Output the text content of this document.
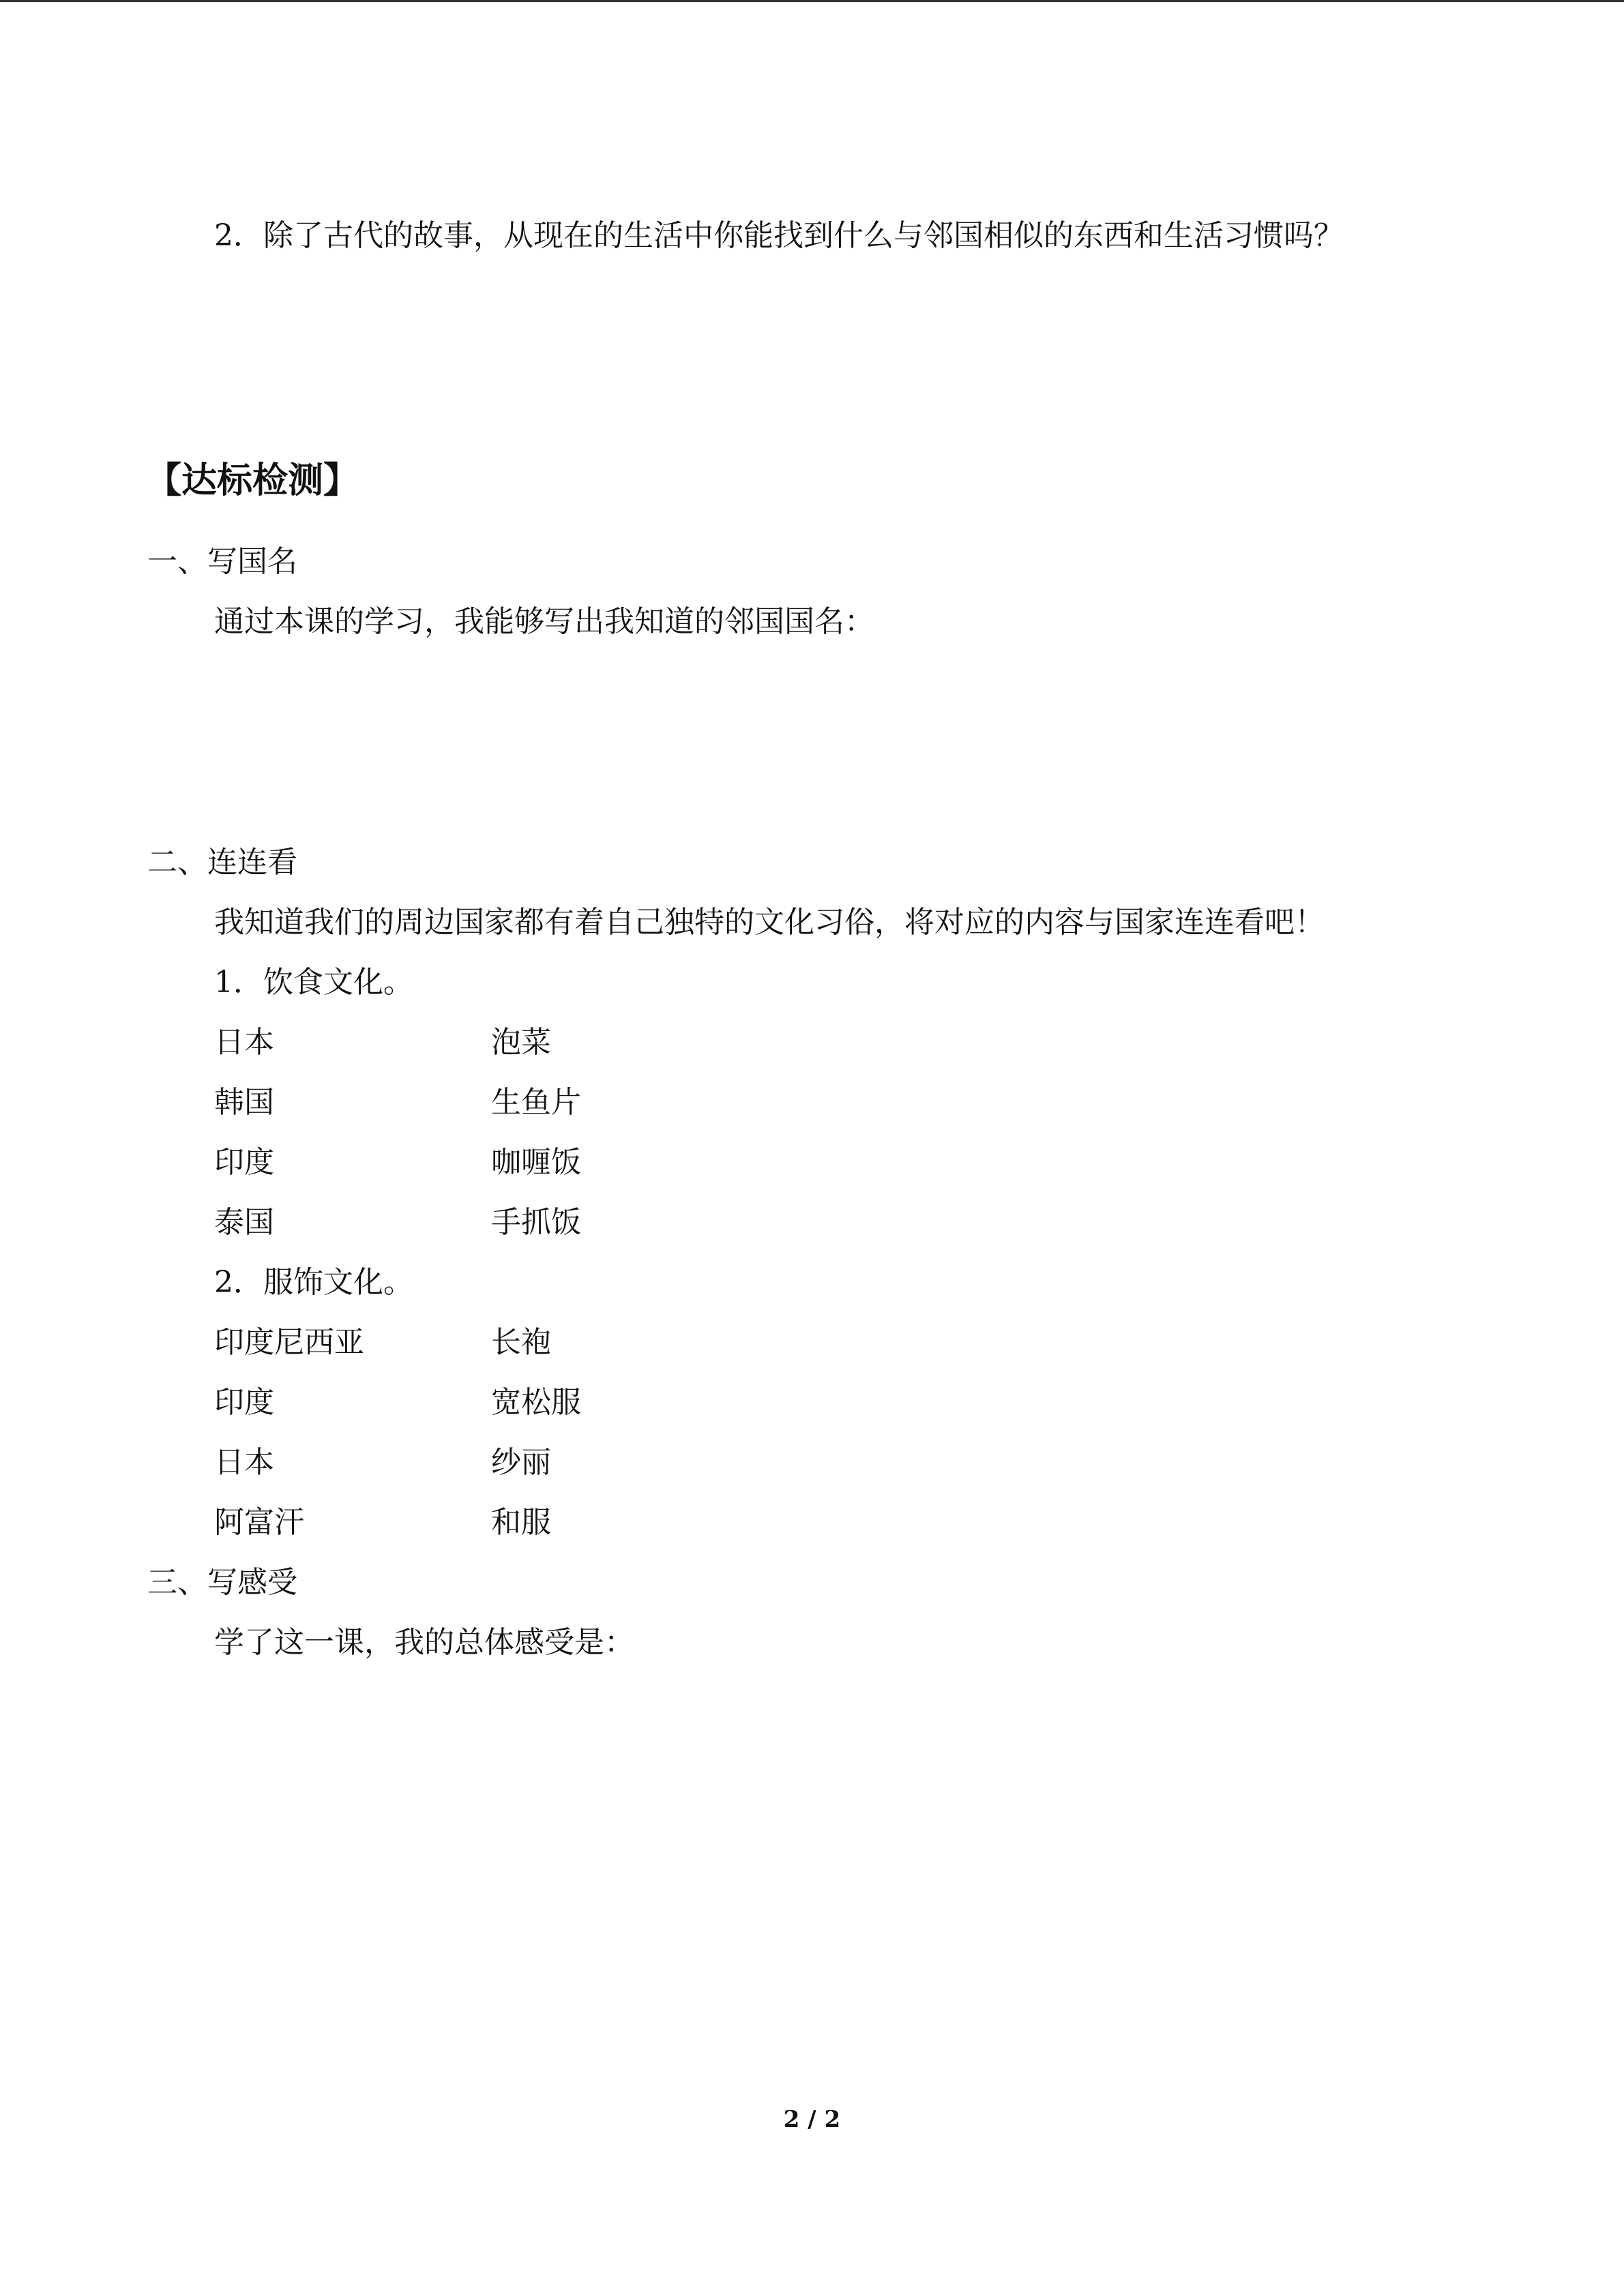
2．除了古代的故事，从现在的生活中你能找到什么与邻国相似的东西和生活习惯吗？
【达标检测】
一、写国名
通过本课的学习，我能够写出我知道的邻国国名：
二、连连看
我知道我们的周边国家都有着自己独特的文化习俗，将对应的内容与国家连连看吧！
1．饮食文化。
日本	泡菜
韩国	生鱼片
印度	咖喱饭
泰国	手抓饭
2．服饰文化。
印度尼西亚	长袍
印度	宽松服
日本	纱丽
阿富汗	和服
三、写感受
学了这一课，我的总体感受是：
2 / 2
